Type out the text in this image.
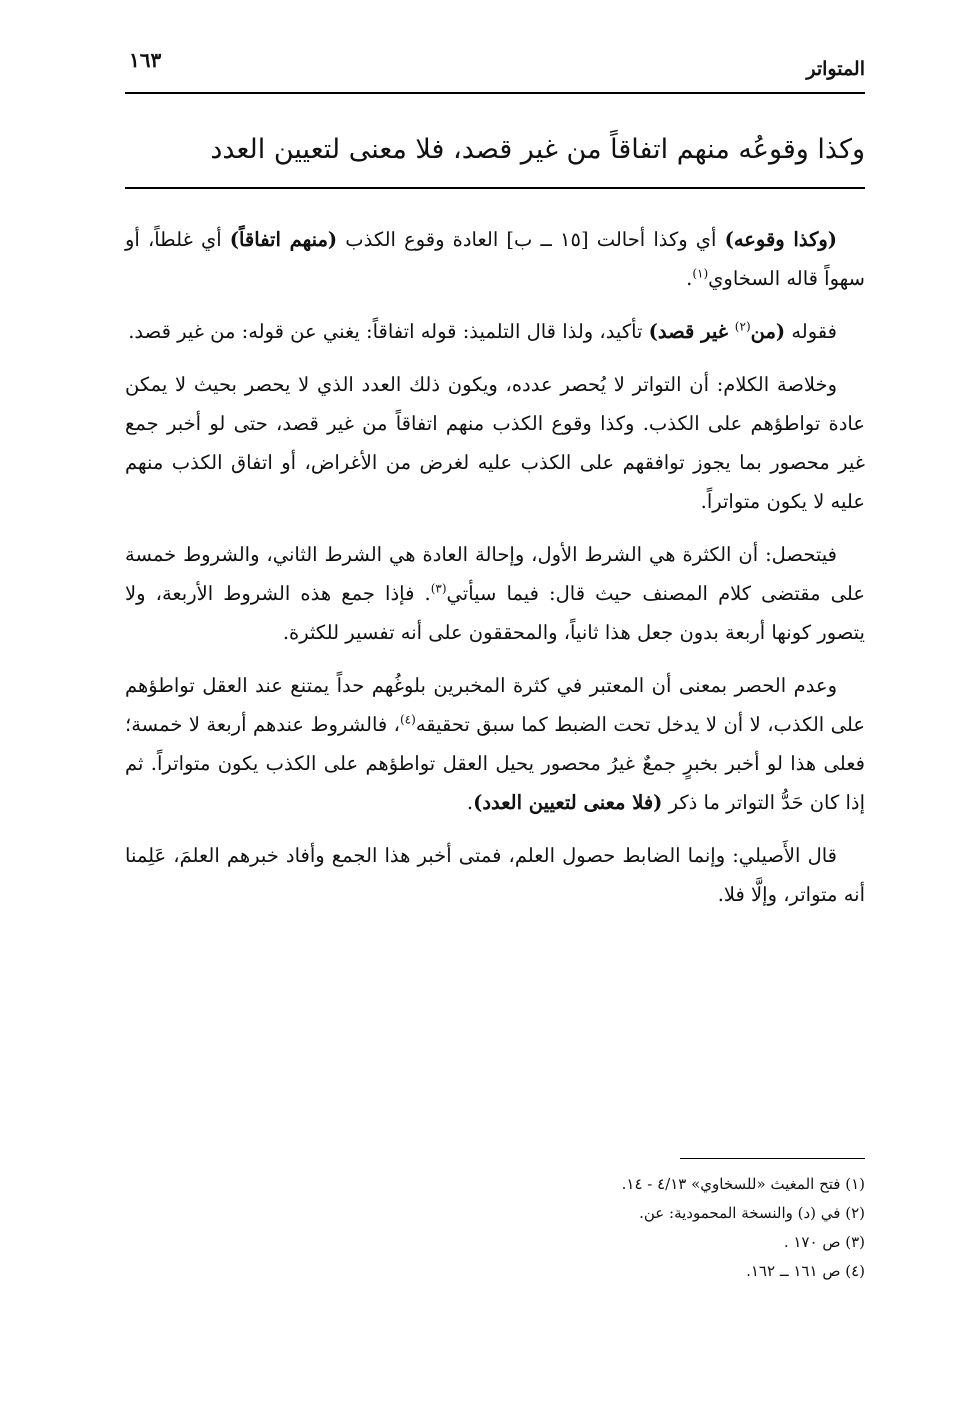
المتواتر
١٦٣
وكذا وقوعُه منهم اتفاقاً من غير قصد، فلا معنى لتعيين العدد

(وكذا وقوعه) أي وكذا أحالت [١٥ ــ ب] العادة وقوع الكذب (منهم اتفاقاً) أي غلطاً، أو سهواً قاله السخاوي$^{(١)}$.

فقوله (من$^{(٢)}$ غير قصد) تأكيد، ولذا قال التلميذ: قوله اتفاقاً: يغني عن قوله: من غير قصد.

وخلاصة الكلام: أن التواتر لا يُحصر عدده، ويكون ذلك العدد الذي لا يحصر بحيث لا يمكن عادة تواطؤهم على الكذب. وكذا وقوع الكذب منهم اتفاقاً من غير قصد، حتى لو أخبر جمع غير محصور بما يجوز توافقهم على الكذب عليه لغرض من الأغراض، أو اتفاق الكذب منهم عليه لا يكون متواتراً.

فيتحصل: أن الكثرة هي الشرط الأول، وإحالة العادة هي الشرط الثاني، والشروط خمسة على مقتضى كلام المصنف حيث قال: فيما سيأتي$^{(٣)}$. فإذا جمع هذه الشروط الأربعة، ولا يتصور كونها أربعة بدون جعل هذا ثانياً، والمحققون على أنه تفسير للكثرة.

وعدم الحصر بمعنى أن المعتبر في كثرة المخبرين بلوغُهم حداً يمتنع عند العقل تواطؤهم على الكذب، لا أن لا يدخل تحت الضبط كما سبق تحقيقه$^{(٤)}$، فالشروط عندهم أربعة لا خمسة؛ فعلى هذا لو أخبر بخبرٍ جمعٌ غيرُ محصور يحيل العقل تواطؤهم على الكذب يكون متواتراً. ثم إذا كان حَدُّ التواتر ما ذكر (فلا معنى لتعيين العدد).

قال الأَصيلي: وإنما الضابط حصول العلم، فمتى أخبر هذا الجمع وأفاد خبرهم العلمَ، عَلِمنا أنه متواتر، وإلَّا فلا.

(١) فتح المغيث «للسخاوي» ٤/١٣ - ١٤.
(٢) في (د) والنسخة المحمودية: عن.
(٣) ص ١٧٠ .
(٤) ص ١٦١ ــ ١٦٢.
